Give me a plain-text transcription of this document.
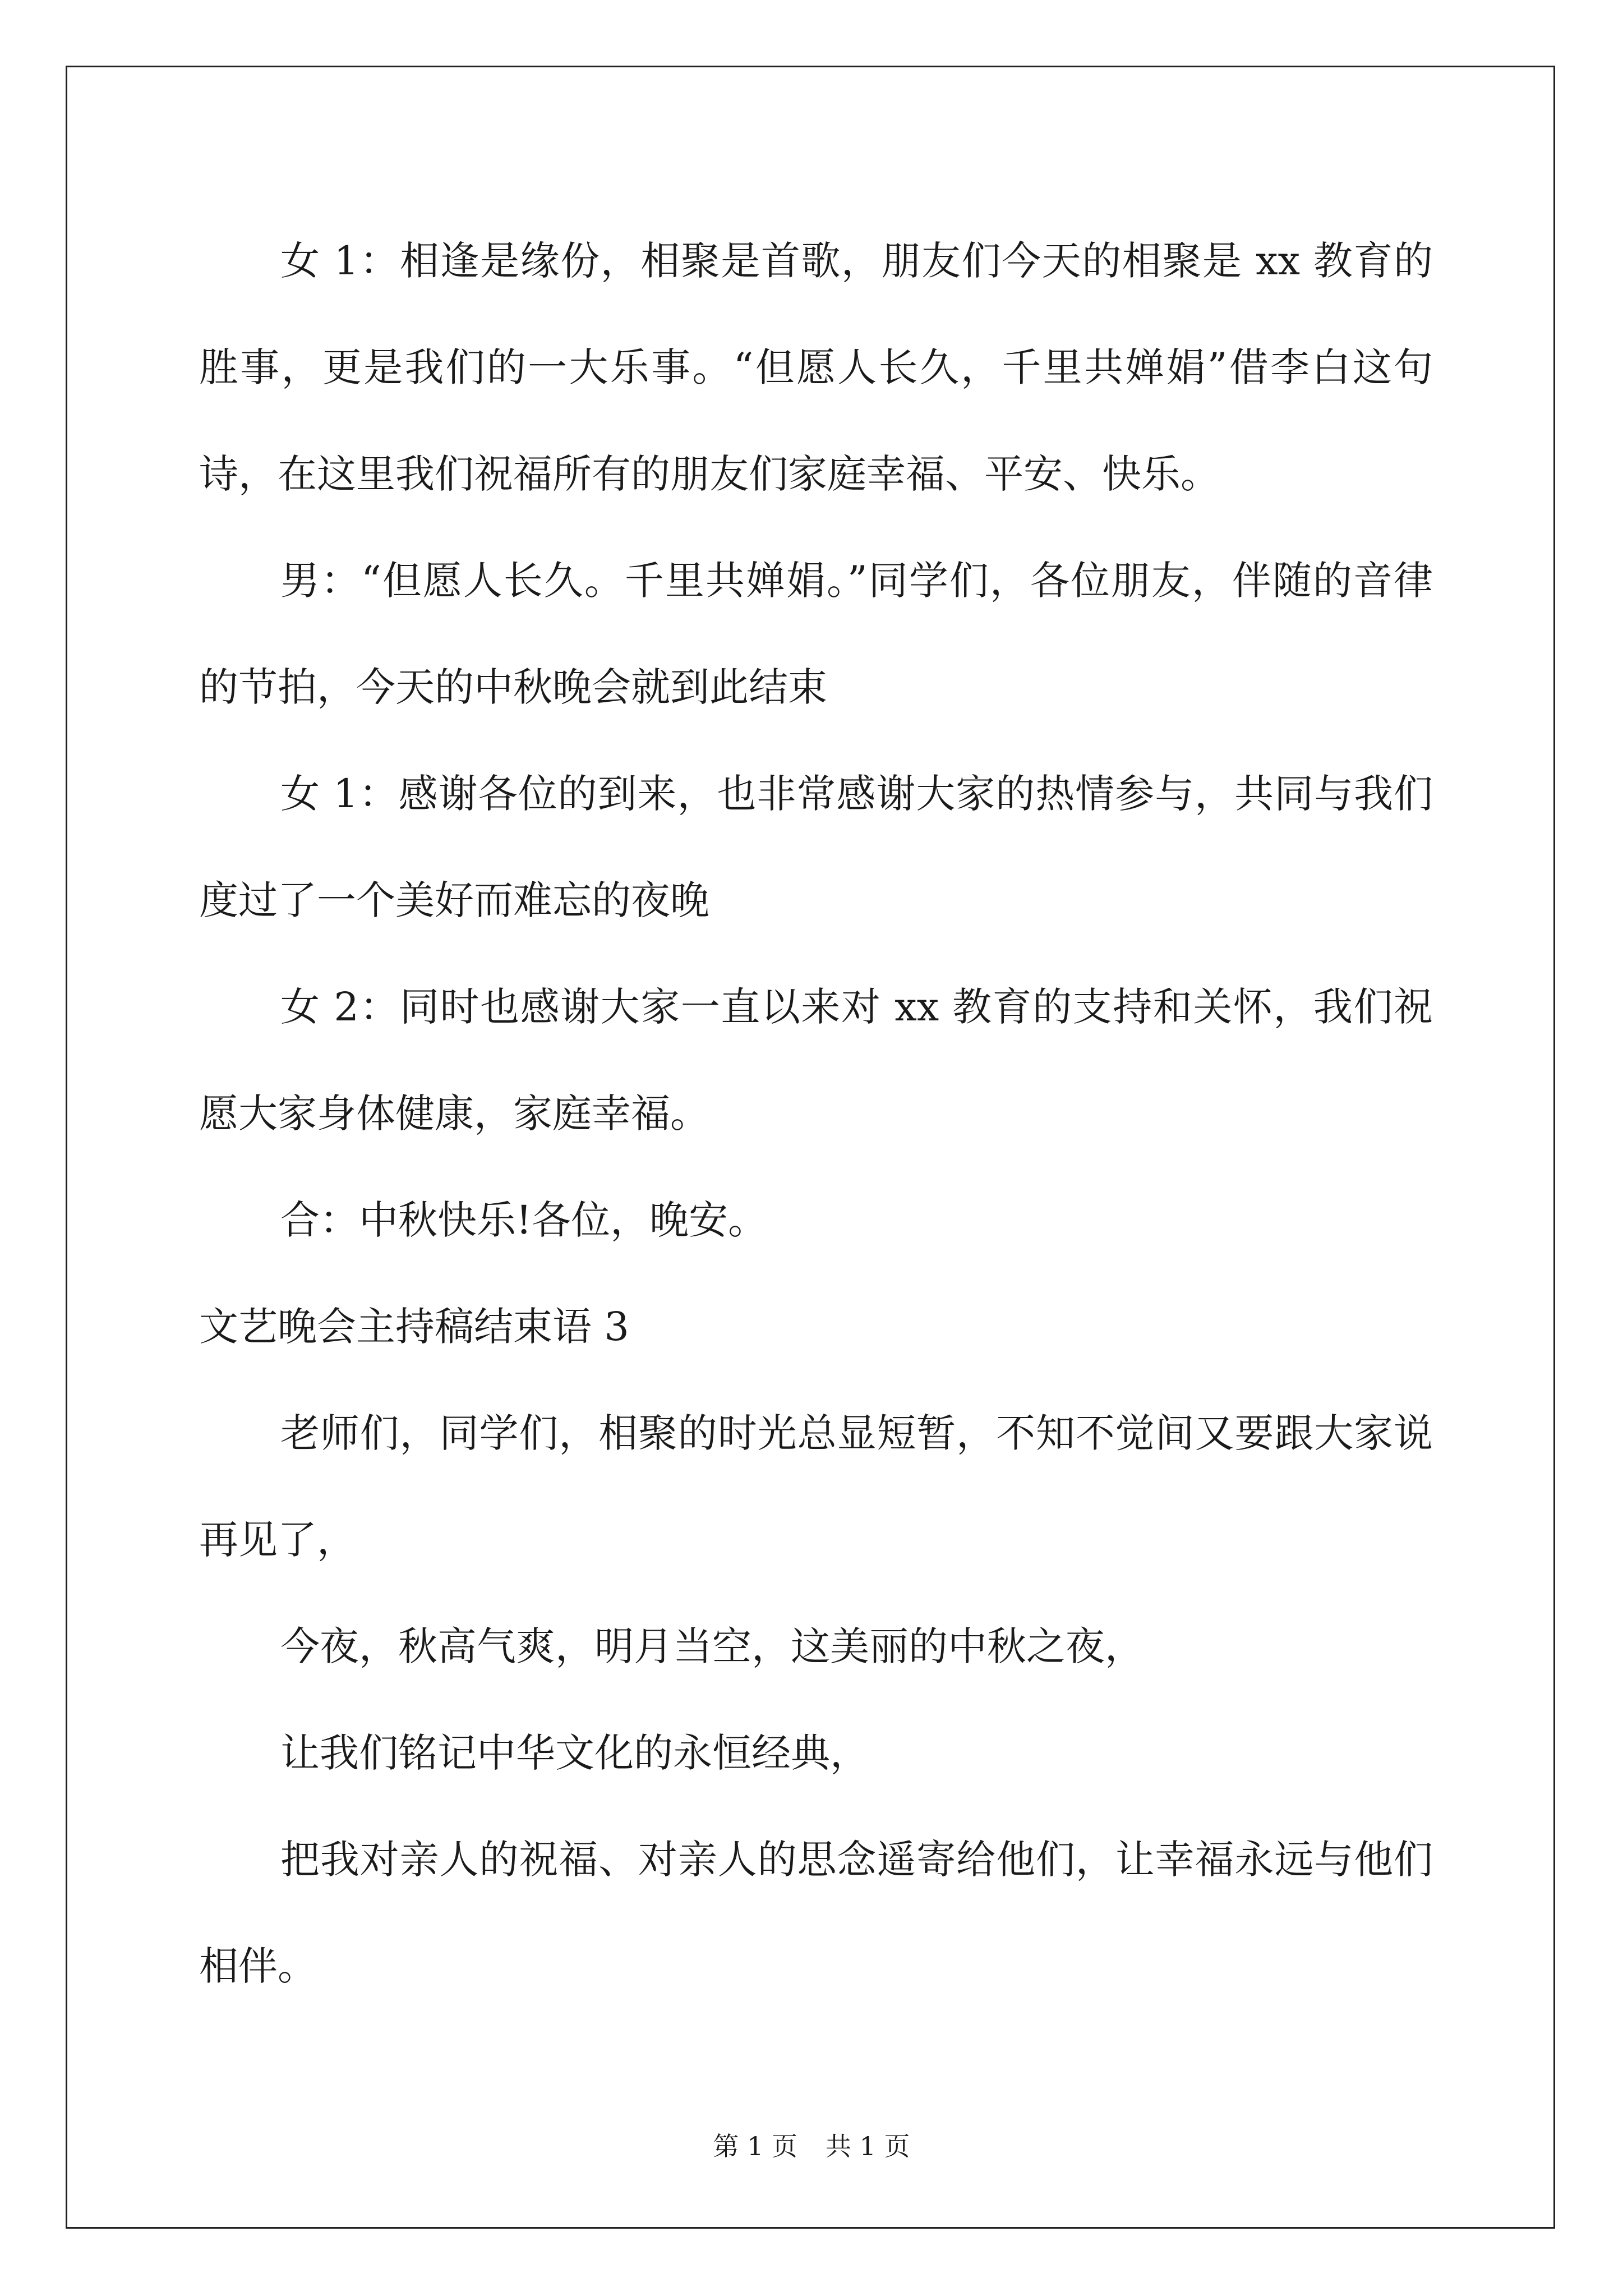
女 1：相逢是缘份，相聚是首歌，朋友们今天的相聚是 xx 教育的胜事，更是我们的一大乐事。“但愿人长久，千里共婵娟”借李白这句诗，在这里我们祝福所有的朋友们家庭幸福、平安、快乐。

男：“但愿人长久。千里共婵娟。”同学们，各位朋友，伴随的音律的节拍，今天的中秋晚会就到此结束

女 1：感谢各位的到来，也非常感谢大家的热情参与，共同与我们度过了一个美好而难忘的夜晚

女 2：同时也感谢大家一直以来对 xx 教育的支持和关怀，我们祝愿大家身体健康，家庭幸福。

合：中秋快乐!各位，晚安。

文艺晚会主持稿结束语 3

老师们，同学们，相聚的时光总显短暂，不知不觉间又要跟大家说再见了，

今夜，秋高气爽，明月当空，这美丽的中秋之夜，

让我们铭记中华文化的永恒经典，

把我对亲人的祝福、对亲人的思念遥寄给他们，让幸福永远与他们相伴。

第 1 页 共 1 页
